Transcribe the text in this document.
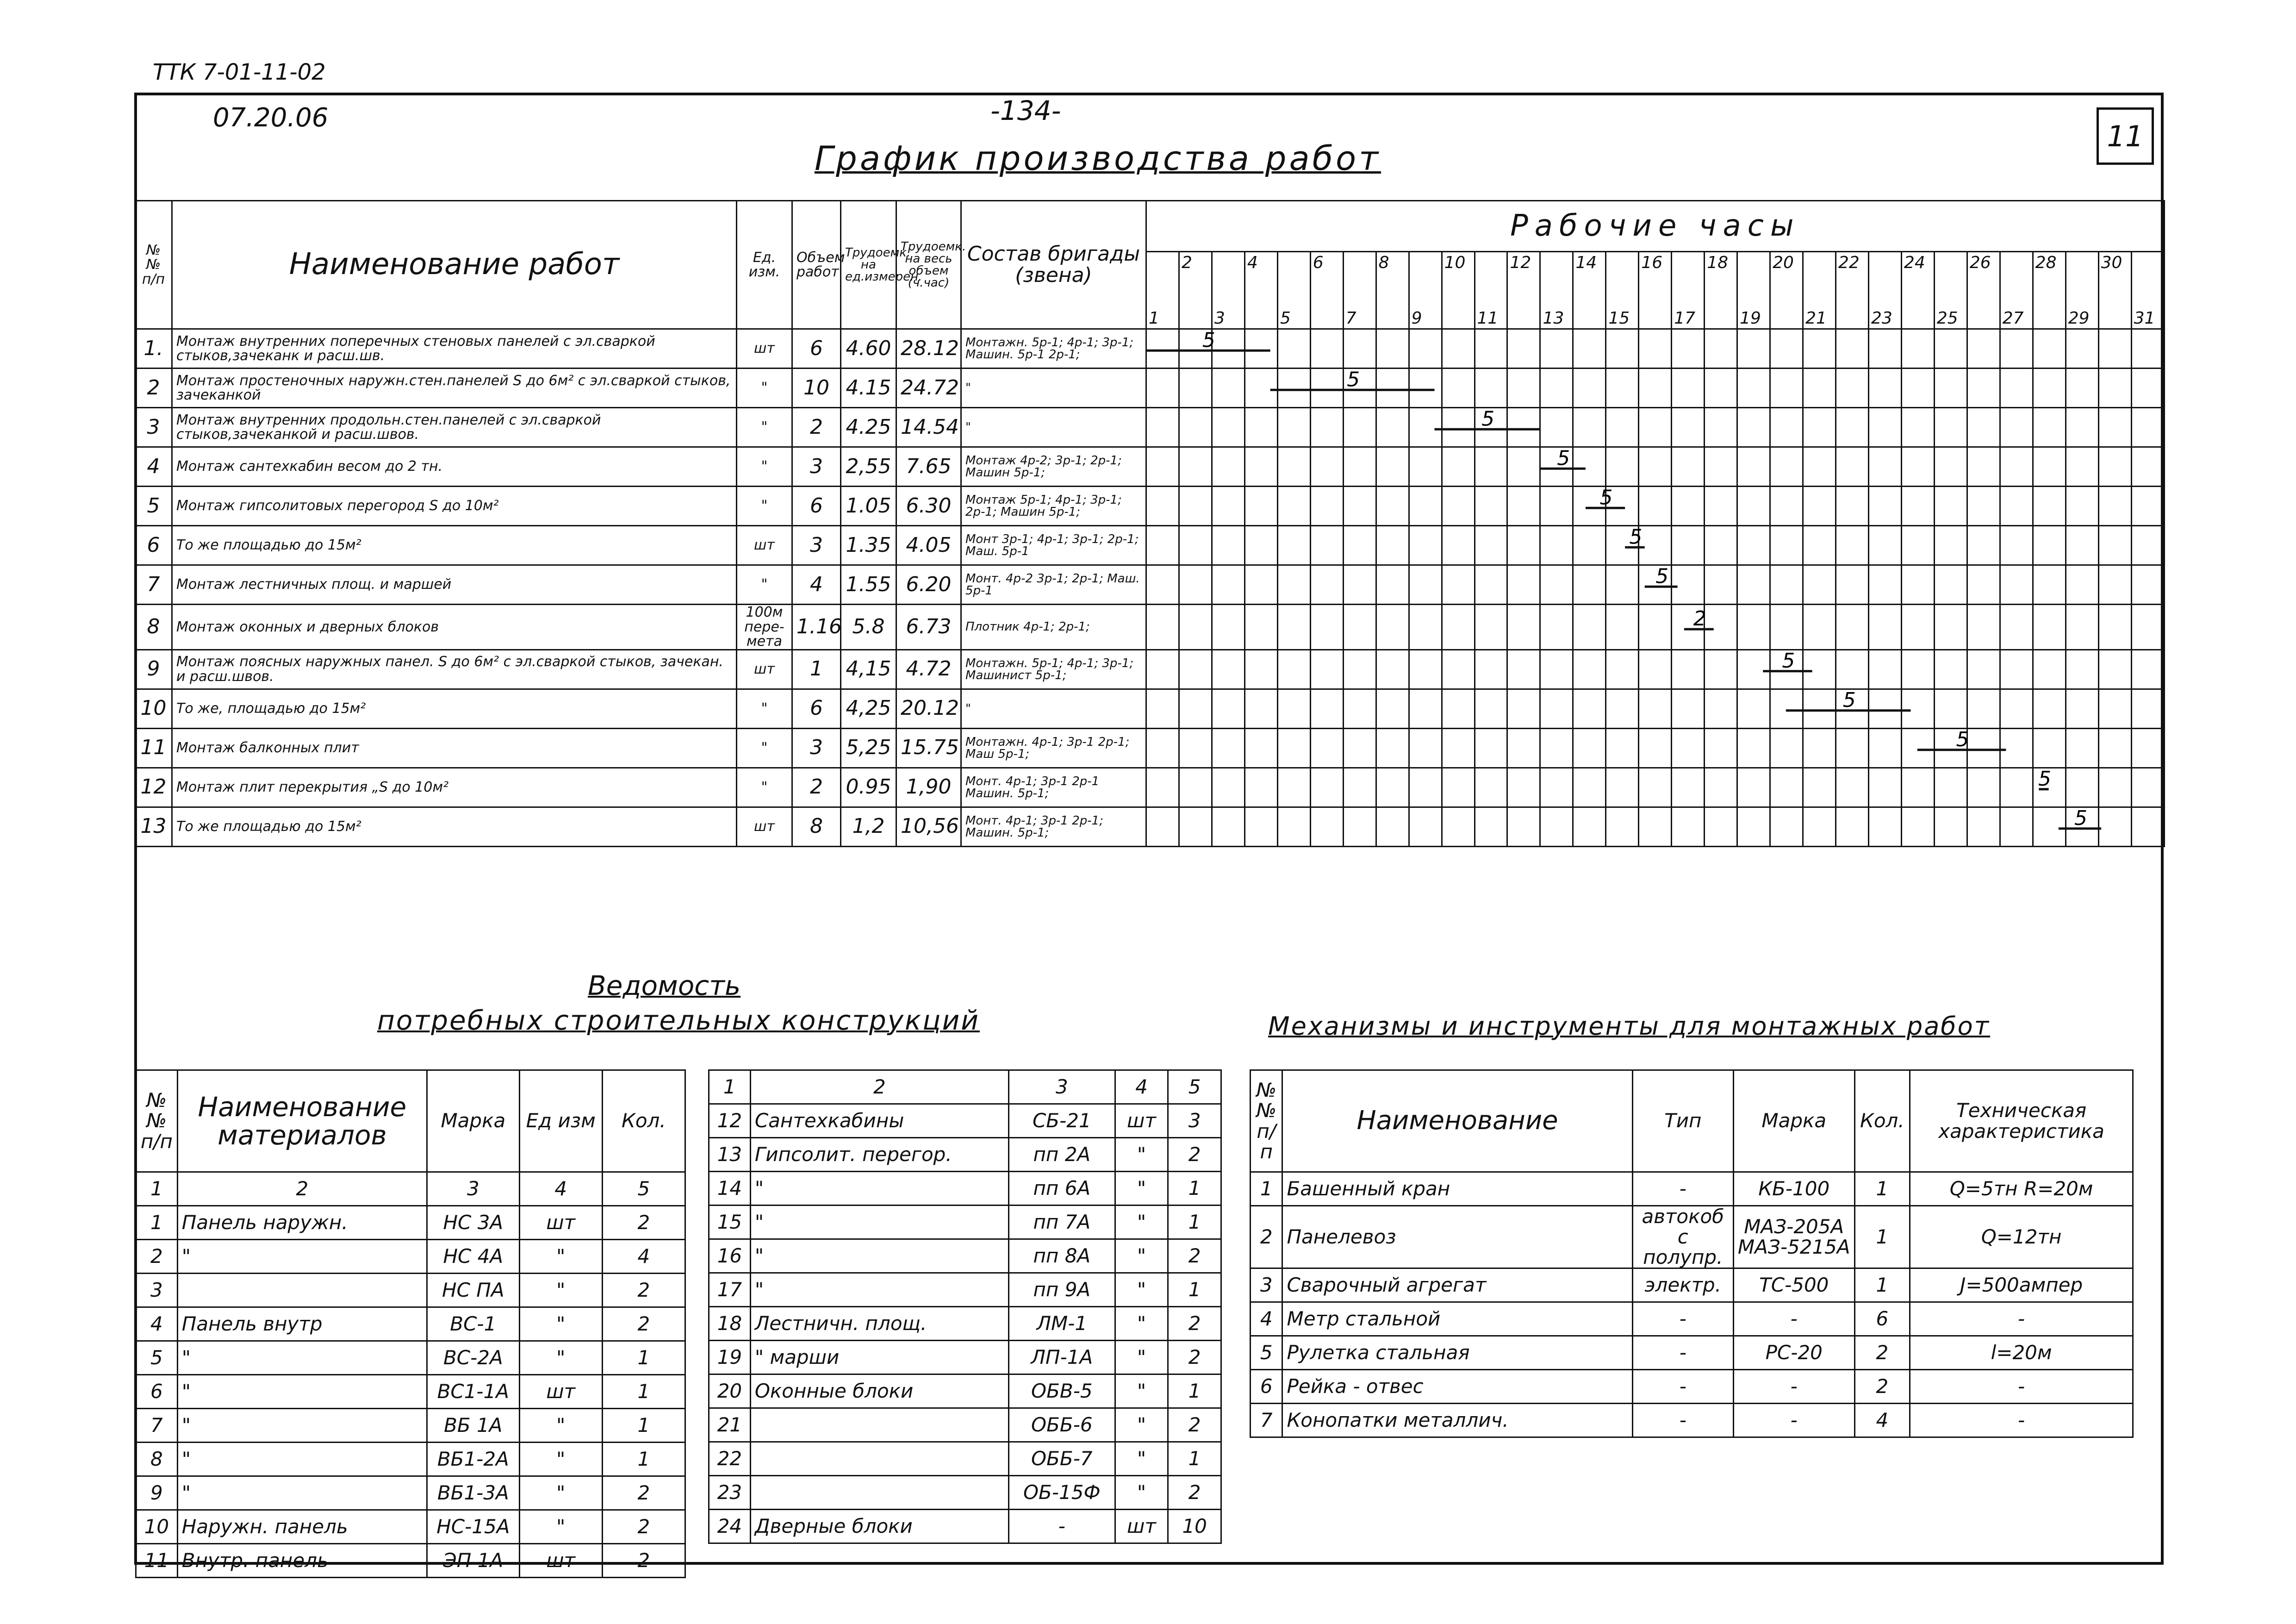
ТТК 7-01-11-02
07.20.06	-134-
11
График производства работ
№№ п/п	Наименование работ	Ед. изм.	Объем работ	Трудоемк. на ед.измерен.	Трудоемк. на весь объем (ч.час)	Состав бригады (звена)	Рабочие часы																														

								2		4		6		8		10		12		14		16		18		20		22		24		26		28		30	

							1		3		5		7		9		11		13		15		17		19		21		23		25		27		29		31

1.	Монтаж внутренних поперечных стеновых панелей с эл.сваркой стыков,зачеканк и расш.шв.	шт	6	4.60	28.12	Монтажн. 5р-1; 4р-1; 3р-1; Машин. 5р-1 2р-1;																															
2	Монтаж простеночных наружн.стен.панелей S до 6м² с эл.сваркой стыков, зачеканкой	"	10	4.15	24.72	"																															
3	Монтаж внутренних продольн.стен.панелей с эл.сваркой стыков,зачеканкой и расш.швов.	"	2	4.25	14.54	"																															
4	Монтаж сантехкабин весом до 2 тн.	"	3	2,55	7.65	Монтаж 4р-2; 3р-1; 2р-1; Машин 5р-1;																															
5	Монтаж гипсолитовых перегород S до 10м²	"	6	1.05	6.30	Монтаж 5р-1; 4р-1; 3р-1; 2р-1; Машин 5р-1;																															
6	То же площадью до 15м²	шт	3	1.35	4.05	Монт 3р-1; 4р-1; 3р-1; 2р-1; Маш. 5р-1																															
7	Монтаж лестничных площ. и маршей	"	4	1.55	6.20	Монт. 4р-2 3р-1; 2р-1; Маш. 5р-1																															
8	Монтаж оконных и дверных блоков	100м пере-мета	1.16	5.8	6.73	Плотник 4р-1; 2р-1;																															
9	Монтаж поясных наружных панел. S до 6м² с эл.сваркой стыков, зачекан. и расш.швов.	шт	1	4,15	4.72	Монтажн. 5р-1; 4р-1; 3р-1; Машинист 5р-1;																															
10	То же, площадью до 15м²	"	6	4,25	20.12	"																															
11	Монтаж балконных плит	"	3	5,25	15.75	Монтажн. 4р-1; 3р-1 2р-1; Маш 5р-1;																															
12	Монтаж плит перекрытия „S до 10м²	"	2	0.95	1,90	Монт. 4р-1; 3р-1 2р-1 Машин. 5р-1;																															
13	То же площадью до 15м²	шт	8	1,2	10,56	Монт. 4р-1; 3р-1 2р-1; Машин. 5р-1;																															
5
5
5
5
5
5
5
2
5
5
5
5
5
Ведомость
потребных строительных конструкций	Механизмы и инструменты для монтажных работ
№№ п/п	Наименование материалов	Марка	Ед изм	Кол.
1	2	3	4	5
1	Панель наружн.	НС 3А	шт	2
2	"	НС 4А	"	4
3		НС ПА	"	2
4	Панель внутр	ВС-1	"	2
5	"	ВС-2А	"	1
6	"	ВС1-1А	шт	1
7	"	ВБ 1А	"	1
8	"	ВБ1-2А	"	1
9	"	ВБ1-3А	"	2
10	Наружн. панель	НС-15А	"	2
11	Внутр. панель	ЭП 1А	шт	2
1	2	3	4	5
12	Сантехкабины	СБ-21	шт	3
13	Гипсолит. перегор.	пп 2А	"	2
14	"	пп 6А	"	1
15	"	пп 7А	"	1
16	"	пп 8А	"	2
17	"	пп 9А	"	1
18	Лестничн. площ.	ЛМ-1	"	2
19	" марши	ЛП-1А	"	2
20	Оконные блоки	ОБВ-5	"	1
21		ОББ-6	"	2
22		ОББ-7	"	1
23		ОБ-15Ф	"	2
24	Дверные блоки	-	шт	10
№№ п/п	Наименование	Тип	Марка	Кол.	Техническая характеристика
1	Башенный кран	-	КБ-100	1	Q=5тн R=20м
2	Панелевоз	автокоб с полупр.	МАЗ-205А МАЗ-5215А	1	Q=12тн
3	Сварочный агрегат	электр.	ТС-500	1	J=500ампер
4	Метр стальной	-	-	6	-
5	Рулетка стальная	-	РС-20	2	l=20м
6	Рейка - отвес	-	-	2	-
7	Конопатки металлич.	-	-	4	-
